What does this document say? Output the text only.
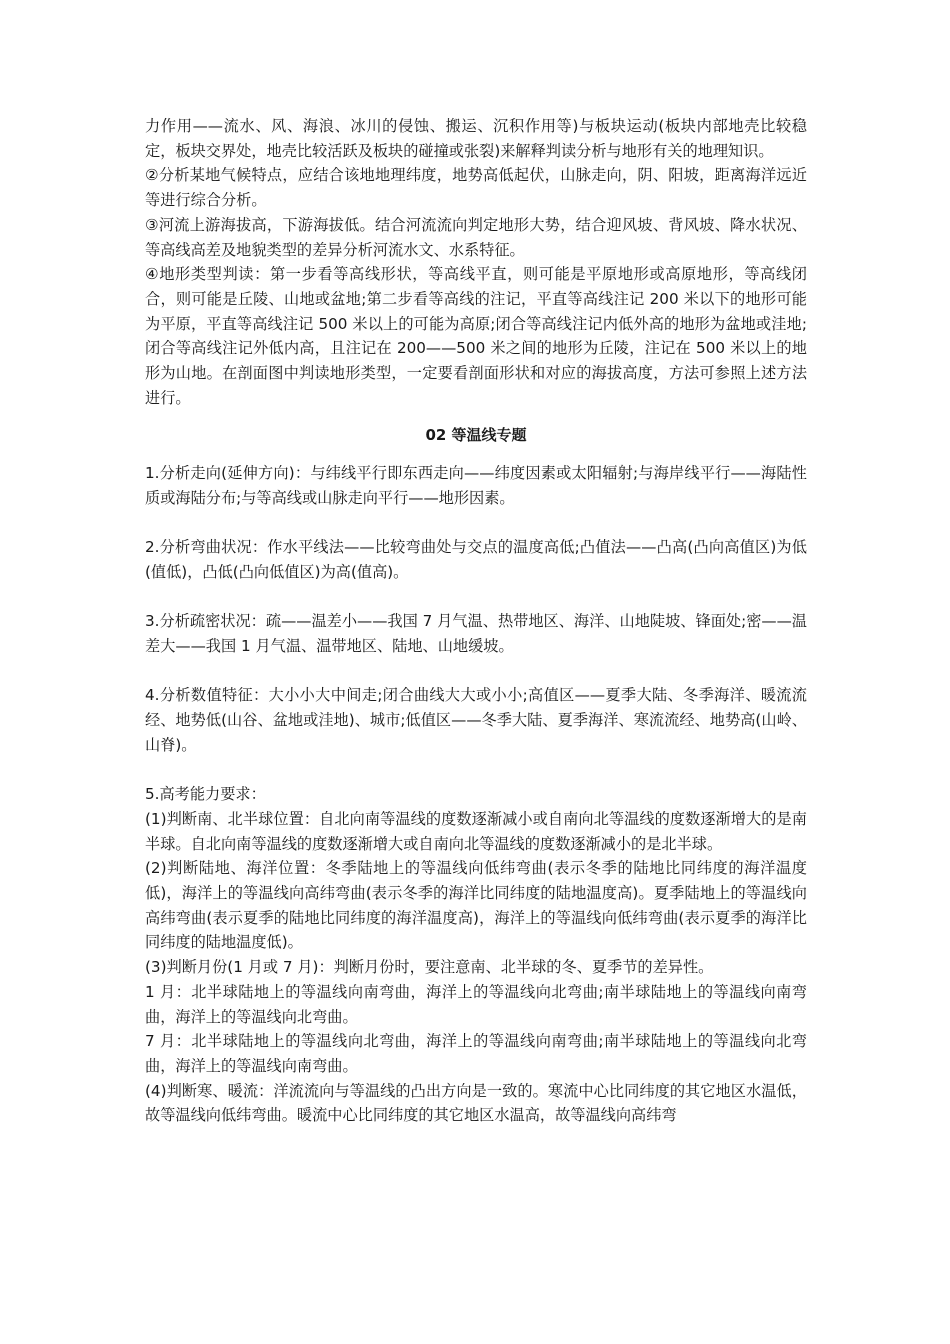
力作用——流水、风、海浪、冰川的侵蚀、搬运、沉积作用等)与板块运动(板块内部地壳比较稳定，板块交界处，地壳比较活跃及板块的碰撞或张裂)来解释判读分析与地形有关的地理知识。

②分析某地气候特点，应结合该地地理纬度，地势高低起伏，山脉走向，阴、阳坡，距离海洋远近等进行综合分析。

③河流上游海拔高，下游海拔低。结合河流流向判定地形大势，结合迎风坡、背风坡、降水状况、等高线高差及地貌类型的差异分析河流水文、水系特征。

④地形类型判读：第一步看等高线形状，等高线平直，则可能是平原地形或高原地形，等高线闭合，则可能是丘陵、山地或盆地;第二步看等高线的注记，平直等高线注记 200 米以下的地形可能为平原，平直等高线注记 500 米以上的可能为高原;闭合等高线注记内低外高的地形为盆地或洼地;闭合等高线注记外低内高，且注记在 200——500 米之间的地形为丘陵，注记在 500 米以上的地形为山地。在剖面图中判读地形类型，一定要看剖面形状和对应的海拔高度，方法可参照上述方法进行。

02 等温线专题

1.分析走向(延伸方向)：与纬线平行即东西走向——纬度因素或太阳辐射;与海岸线平行——海陆性质或海陆分布;与等高线或山脉走向平行——地形因素。

2.分析弯曲状况：作水平线法——比较弯曲处与交点的温度高低;凸值法——凸高(凸向高值区)为低(值低)，凸低(凸向低值区)为高(值高)。

3.分析疏密状况：疏——温差小——我国 7 月气温、热带地区、海洋、山地陡坡、锋面处;密——温差大——我国 1 月气温、温带地区、陆地、山地缓坡。

4.分析数值特征：大小小大中间走;闭合曲线大大或小小;高值区——夏季大陆、冬季海洋、暖流流经、地势低(山谷、盆地或洼地)、城市;低值区——冬季大陆、夏季海洋、寒流流经、地势高(山岭、山脊)。

5.高考能力要求：

(1)判断南、北半球位置：自北向南等温线的度数逐渐减小或自南向北等温线的度数逐渐增大的是南半球。自北向南等温线的度数逐渐增大或自南向北等温线的度数逐渐减小的是北半球。

(2)判断陆地、海洋位置：冬季陆地上的等温线向低纬弯曲(表示冬季的陆地比同纬度的海洋温度低)，海洋上的等温线向高纬弯曲(表示冬季的海洋比同纬度的陆地温度高)。夏季陆地上的等温线向高纬弯曲(表示夏季的陆地比同纬度的海洋温度高)，海洋上的等温线向低纬弯曲(表示夏季的海洋比同纬度的陆地温度低)。

(3)判断月份(1 月或 7 月)：判断月份时，要注意南、北半球的冬、夏季节的差异性。

1 月：北半球陆地上的等温线向南弯曲，海洋上的等温线向北弯曲;南半球陆地上的等温线向南弯曲，海洋上的等温线向北弯曲。

7 月：北半球陆地上的等温线向北弯曲，海洋上的等温线向南弯曲;南半球陆地上的等温线向北弯曲，海洋上的等温线向南弯曲。

(4)判断寒、暖流：洋流流向与等温线的凸出方向是一致的。寒流中心比同纬度的其它地区水温低，故等温线向低纬弯曲。暖流中心比同纬度的其它地区水温高，故等温线向高纬弯
